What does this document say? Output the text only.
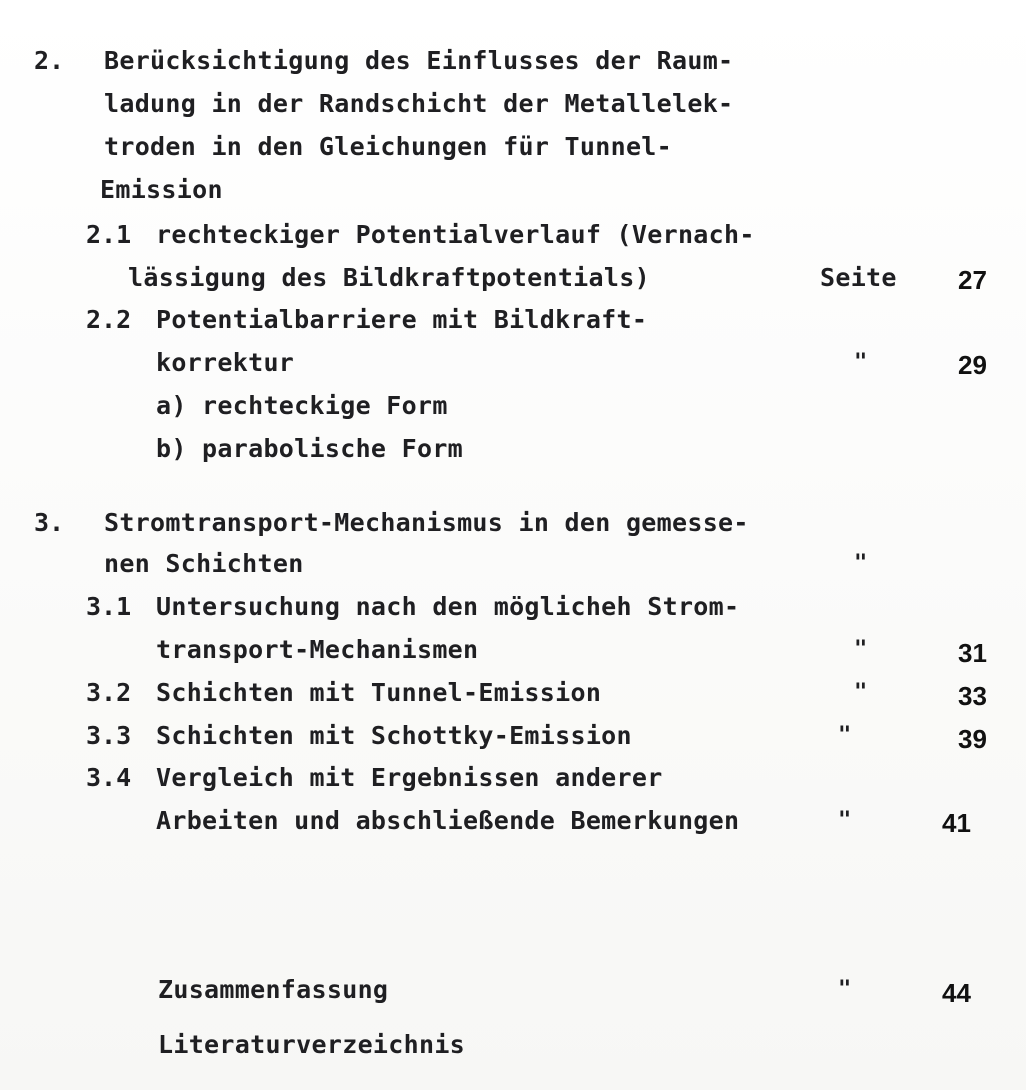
2. Berücksichtigung des Einflusses der Raum-
ladung in der Randschicht der Metallelek-
troden in den Gleichungen für Tunnel-
Emission
2.1 rechteckiger Potentialverlauf (Vernach-
lässigung des Bildkraftpotentials)	Seite 27
2.2 Potentialbarriere mit Bildkraft-
korrektur	"	29
a) rechteckige Form
b) parabolische Form
3. Stromtransport-Mechanismus in den gemesse-
nen Schichten	"
3.1 Untersuchung nach den möglicheh Strom-
transport-Mechanismen	"	31
3.2 Schichten mit Tunnel-Emission	"	33
3.3 Schichten mit Schottky-Emission	"	39
3.4 Vergleich mit Ergebnissen anderer
Arbeiten und abschließende Bemerkungen	"	41
Zusammenfassung	"	44
Literaturverzeichnis
